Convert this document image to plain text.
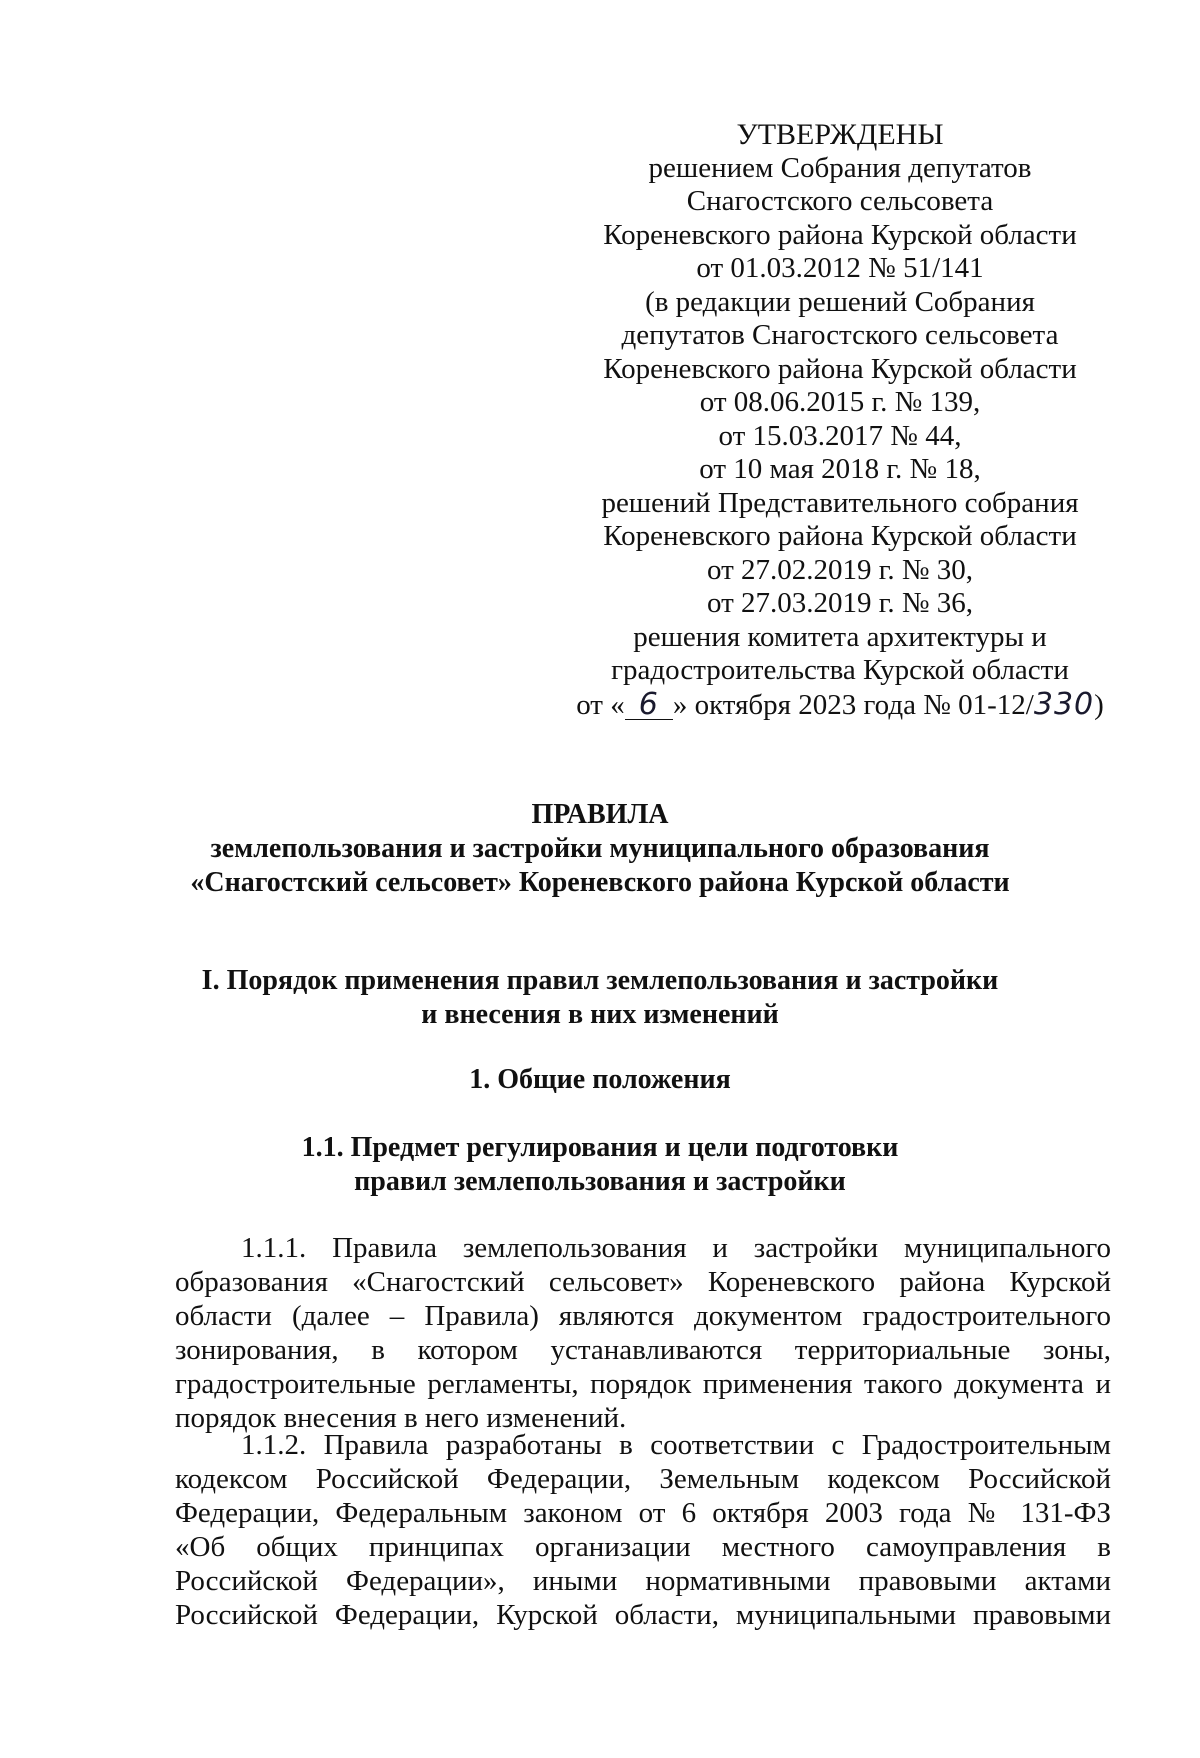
УТВЕРЖДЕНЫ
решением Собрания депутатов
Снагостского сельсовета
Кореневского района Курской области
от 01.03.2012 № 51/141
(в редакции решений Собрания
депутатов Снагостского сельсовета
Кореневского района Курской области
от 08.06.2015 г. № 139,
от 15.03.2017 № 44,
от 10 мая 2018 г. № 18,
решений Представительного собрания
Кореневского района Курской области
от 27.02.2019 г. № 30,
от 27.03.2019 г. № 36,
решения комитета архитектуры и
градостроительства Курской области
от « 6 » октября 2023 года № 01-12/330)
ПРАВИЛА
землепользования и застройки муниципального образования
«Снагостский сельсовет» Кореневского района Курской области
I. Порядок применения правил землепользования и застройки
и внесения в них изменений
1. Общие положения
1.1. Предмет регулирования и цели подготовки
правил землепользования и застройки
1.1.1. Правила землепользования и застройки муниципального
образования «Снагостский сельсовет» Кореневского района Курской
области (далее – Правила) являются документом градостроительного
зонирования, в котором устанавливаются территориальные зоны,
градостроительные регламенты, порядок применения такого документа и
порядок внесения в него изменений.
1.1.2. Правила разработаны в соответствии с Градостроительным
кодексом Российской Федерации, Земельным кодексом Российской
Федерации, Федеральным законом от 6 октября 2003 года № 131-ФЗ
«Об общих принципах организации местного самоуправления в
Российской Федерации», иными нормативными правовыми актами
Российской Федерации, Курской области, муниципальными правовыми
